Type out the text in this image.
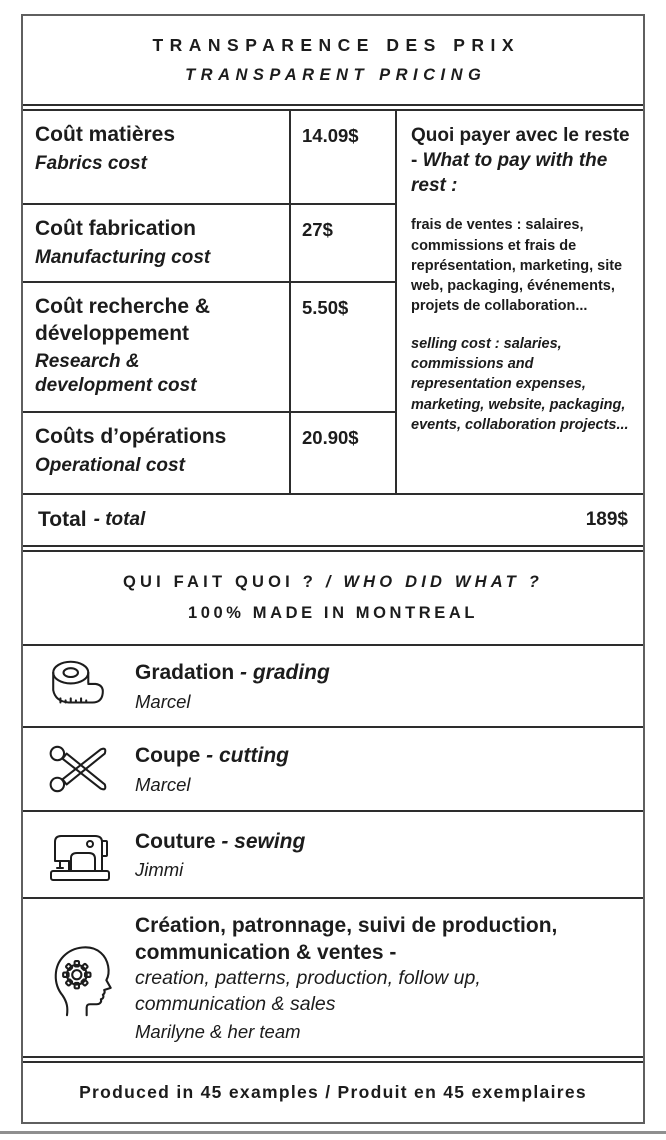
TRANSPARENCE DES PRIX
TRANSPARENT PRICING
Coût matières
Fabrics cost
14.09$
Coût fabrication
Manufacturing cost
27$
Coût recherche & développement
Research & development cost
5.50$
Coûts d’opérations
Operational cost
20.90$
Quoi payer avec le reste - What to pay with the rest :
frais de ventes : salaires, commissions et frais de représentation, marketing, site web, packaging, événements, projets de collaboration...
selling cost : salaries, commissions and representation expenses, marketing, website, packaging, events, collaboration projects...
Total - total	189$
QUI FAIT QUOI ? / WHO DID WHAT ?
100% MADE IN MONTREAL
Gradation - grading
Marcel
Coupe - cutting
Marcel
Couture - sewing
Jimmi
Création, patronnage, suivi de production, communication & ventes -
creation, patterns, production, follow up, communication & sales
Marilyne & her team
Produced in 45 examples / Produit en 45 exemplaires
